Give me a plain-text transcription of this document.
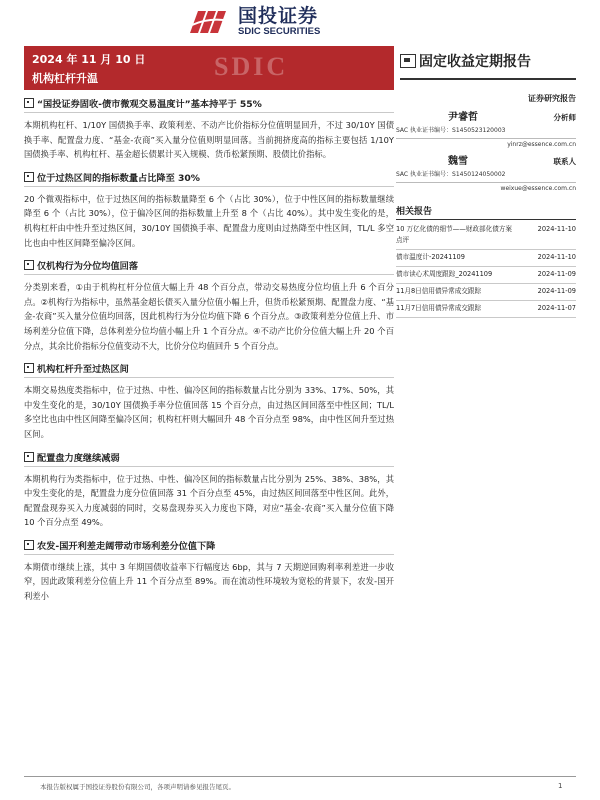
国投证券
SDIC SECURITIES
2024 年 11 月 10 日
机构杠杆升温	SDIC	固定收益定期报告
证券研究报告
尹睿哲	分析师
SAC 执业证书编号：S1450523120003
yinrz@essence.com.cn
魏雪	联系人
SAC 执业证书编号：S1450124050002
weixue@essence.com.cn
相关报告
10 万亿化债的细节——财政部化债方案点评
2024-11-10
债市温度计-20241109	2024-11-10
债市读心术周度跟踪_20241109	2024-11-09
11月8日信用债异常成交跟踪	2024-11-09
11月7日信用债异常成交跟踪	2024-11-07
“国投证券固收-债市微观交易温度计”基本持平于 55%

本期机构杠杆、1/10Y 国债换手率、政策利差、不动产比价指标分位值明显回升，不过 30/10Y 国债换手率、配置盘力度、“基金-农商”买入量分位值则明显回落。当前拥挤度高的指标主要包括 1/10Y 国债换手率、机构杠杆、基金超长债累计买入规模、货币松紧预期、股债比价指标。

位于过热区间的指标数量占比降至 30%

20 个微观指标中，位于过热区间的指标数量降至 6 个（占比 30%），位于中性区间的指标数量继续降至 6 个（占比 30%），位于偏冷区间的指标数量上升至 8 个（占比 40%）。其中发生变化的是，机构杠杆由中性升至过热区间，30/10Y 国债换手率、配置盘力度则由过热降至中性区间，TL/L 多空比也由中性区间降至偏冷区间。

仅机构行为分位均值回落

分类别来看，①由于机构杠杆分位值大幅上升 48 个百分点，带动交易热度分位均值上升 6 个百分点。②机构行为指标中，虽然基金超长债买入量分位值小幅上升，但货币松紧预期、配置盘力度、“基金-农商”买入量分位值均回落，因此机构行为分位均值下降 6 个百分点。③政策利差分位值上升、市场利差分位值下降，总体利差分位均值小幅上升 1 个百分点。④不动产比价分位值大幅上升 20 个百分点，其余比价指标分位值变动不大，比价分位均值回升 5 个百分点。

机构杠杆升至过热区间

本期交易热度类指标中，位于过热、中性、偏冷区间的指标数量占比分别为 33%、17%、50%，其中发生变化的是，30/10Y 国债换手率分位值回落 15 个百分点，由过热区间回落至中性区间；TL/L 多空比也由中性区间降至偏冷区间；机构杠杆则大幅回升 48 个百分点至 98%，由中性区间升至过热区间。

配置盘力度继续减弱

本期机构行为类指标中，位于过热、中性、偏冷区间的指标数量占比分别为 25%、38%、38%，其中发生变化的是，配置盘力度分位值回落 31 个百分点至 45%，由过热区间回落至中性区间。此外，配置盘现券买入力度减弱的同时，交易盘现券买入力度也下降，对应“基金-农商”买入量分位值下降 10 个百分点至 49%。

农发-国开利差走阔带动市场利差分位值下降

本期债市继续上涨，其中 3 年期国债收益率下行幅度达 6bp，其与 7 天期逆回购利率利差进一步收窄，因此政策利差分位值上升 11 个百分点至 89%。而在流动性环境较为宽松的背景下，农发-国开利差小

本报告版权属于国投证券股份有限公司，各项声明请参见报告尾页。	1
